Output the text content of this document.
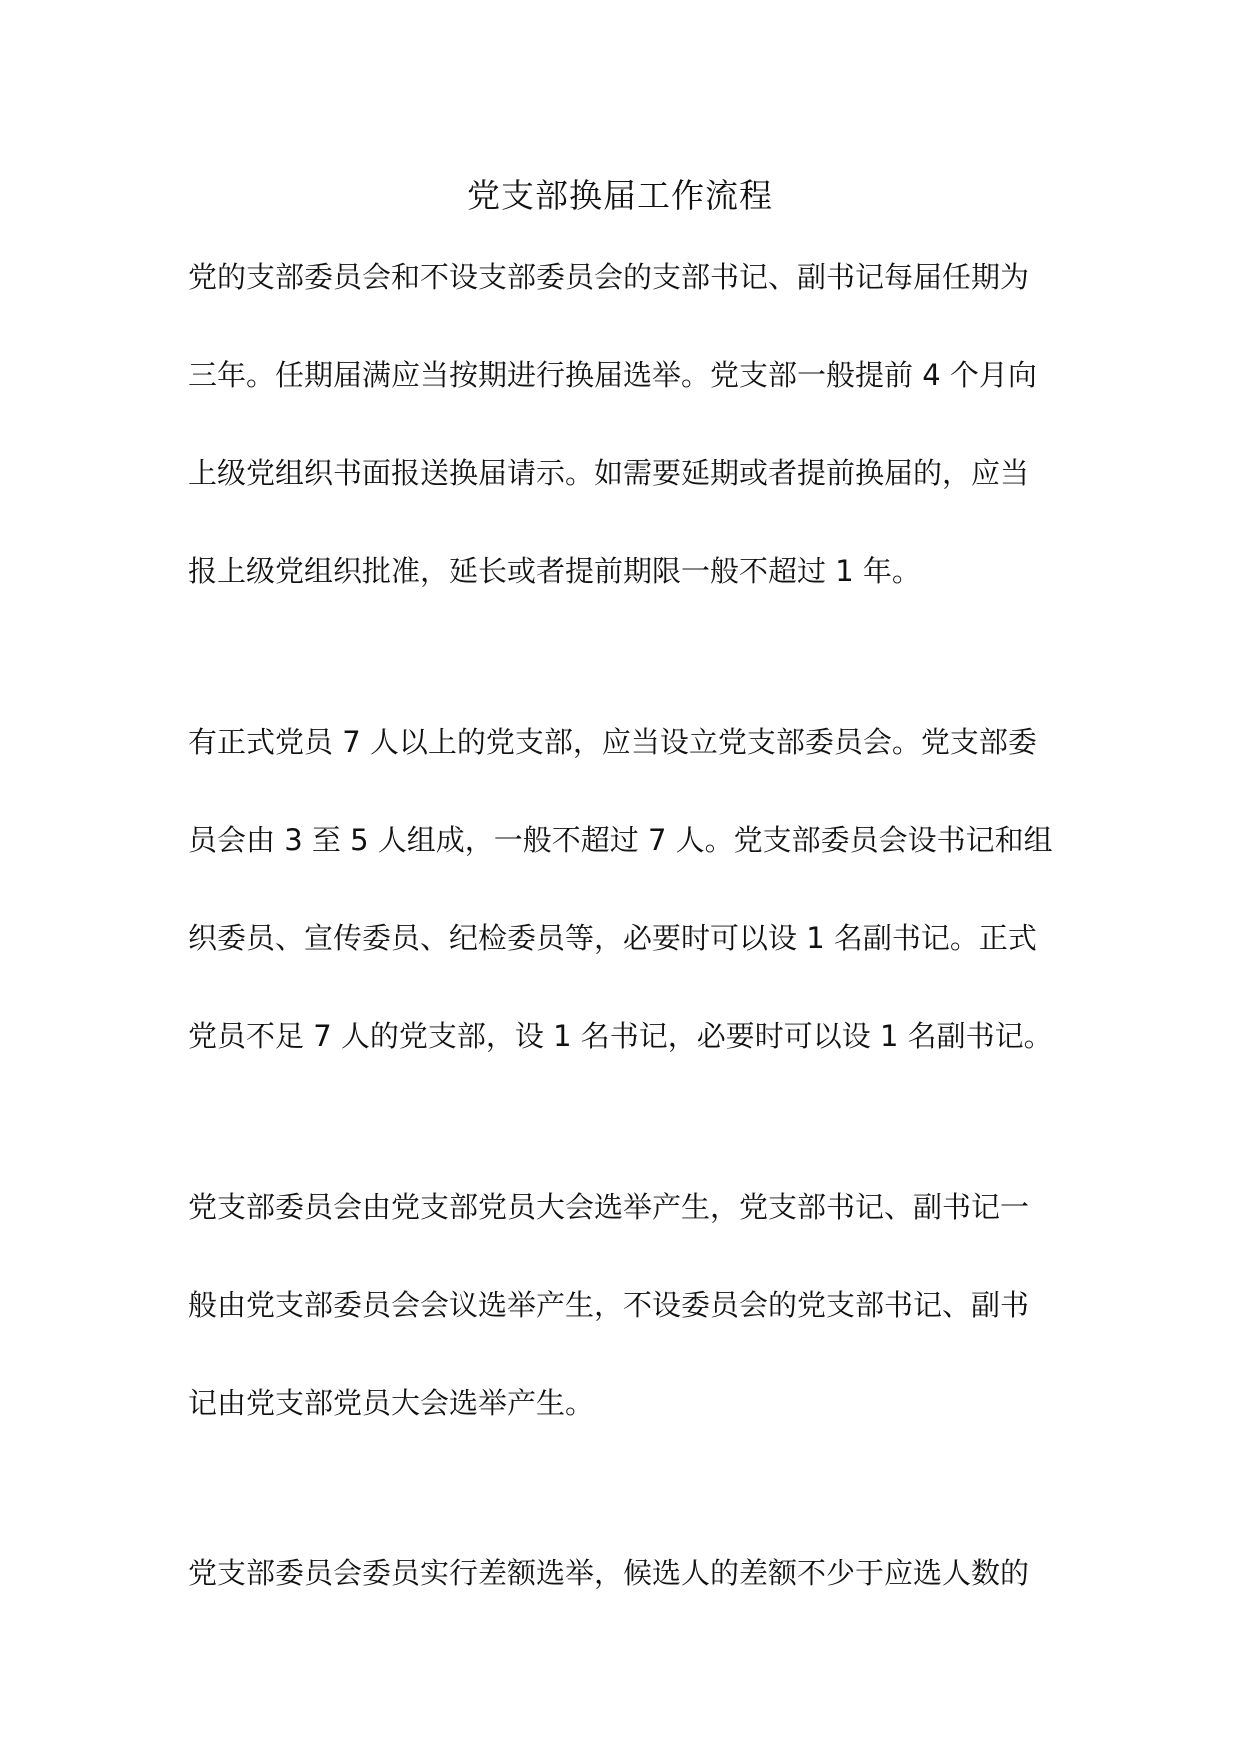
党支部换届工作流程
党的支部委员会和不设支部委员会的支部书记、副书记每届任期为
三年。任期届满应当按期进行换届选举。党支部一般提前 4 个月向
上级党组织书面报送换届请示。如需要延期或者提前换届的，应当
报上级党组织批准，延长或者提前期限一般不超过 1 年。
有正式党员 7 人以上的党支部，应当设立党支部委员会。党支部委
员会由 3 至 5 人组成，一般不超过 7 人。党支部委员会设书记和组
织委员、宣传委员、纪检委员等，必要时可以设 1 名副书记。正式
党员不足 7 人的党支部，设 1 名书记，必要时可以设 1 名副书记。
党支部委员会由党支部党员大会选举产生，党支部书记、副书记一
般由党支部委员会会议选举产生，不设委员会的党支部书记、副书
记由党支部党员大会选举产生。
党支部委员会委员实行差额选举，候选人的差额不少于应选人数的
